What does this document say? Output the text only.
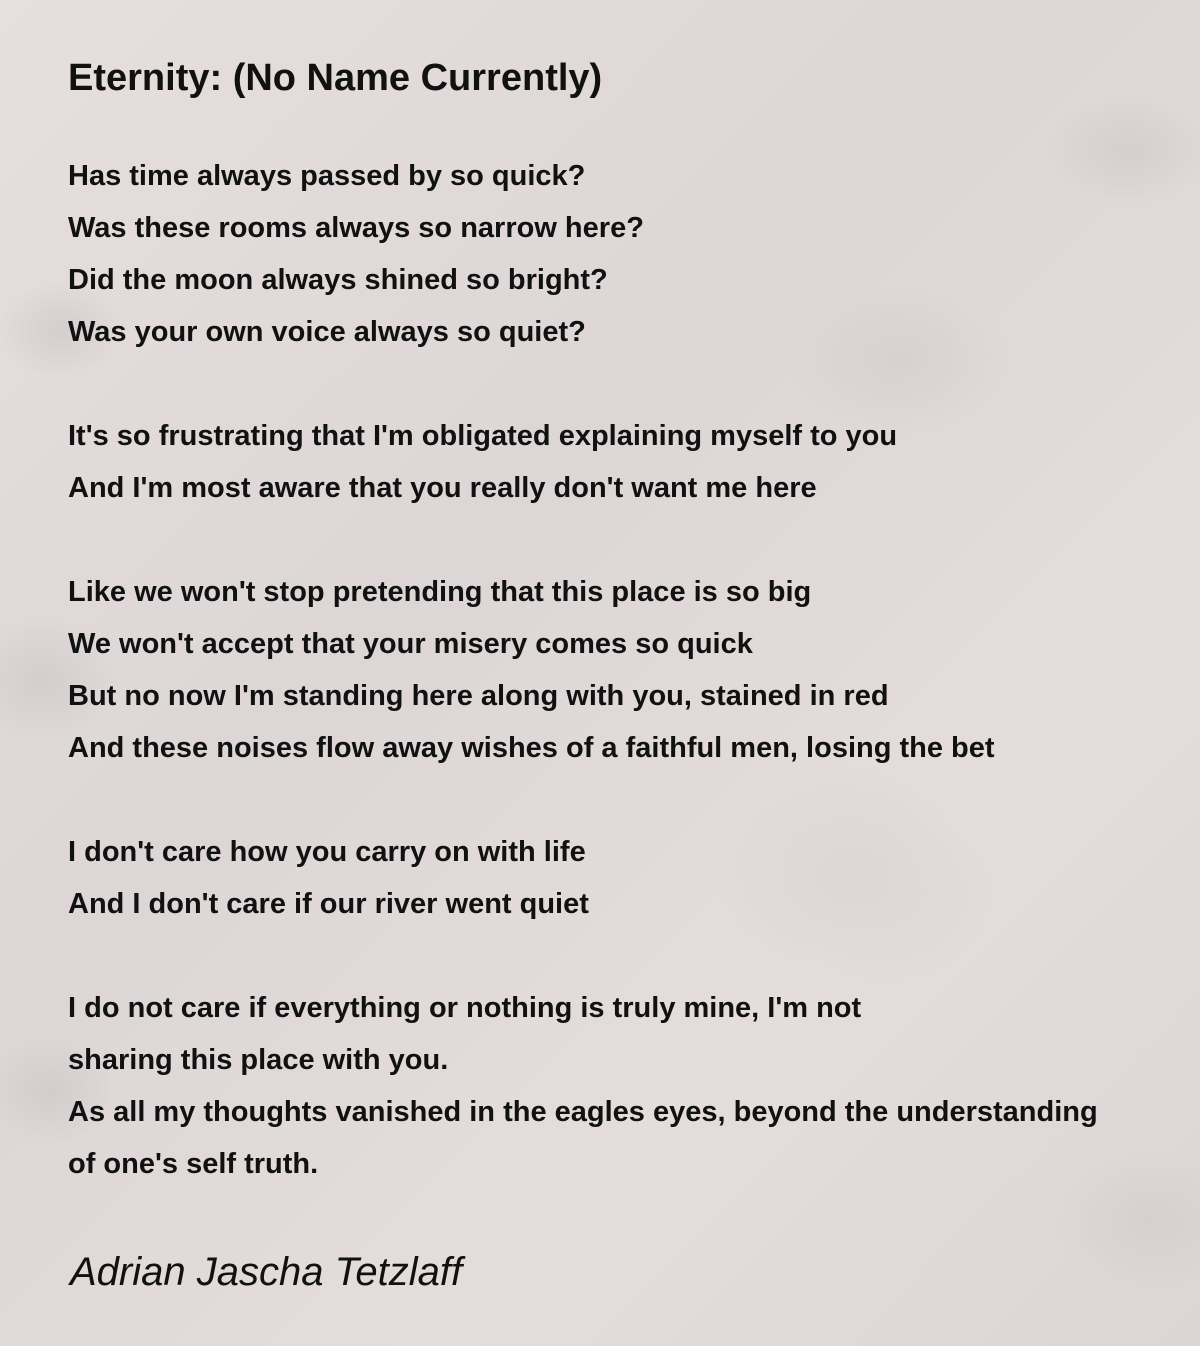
Eternity: (No Name Currently)
Has time always passed by so quick?
Was these rooms always so narrow here?
Did the moon always shined so bright?
Was your own voice always so quiet?
It's so frustrating that I'm obligated explaining myself to you
And I'm most aware that you really don't want me here
Like we won't stop pretending that this place is so big
We won't accept that your misery comes so quick
But no now I'm standing here along with you, stained in red
And these noises flow away wishes of a faithful men, losing the bet
I don't care how you carry on with life
And I don't care if our river went quiet
I do not care if everything or nothing is truly mine, I'm not
sharing this place with you.
As all my thoughts vanished in the eagles eyes, beyond the understanding
of one's self truth.

Adrian Jascha Tetzlaff
